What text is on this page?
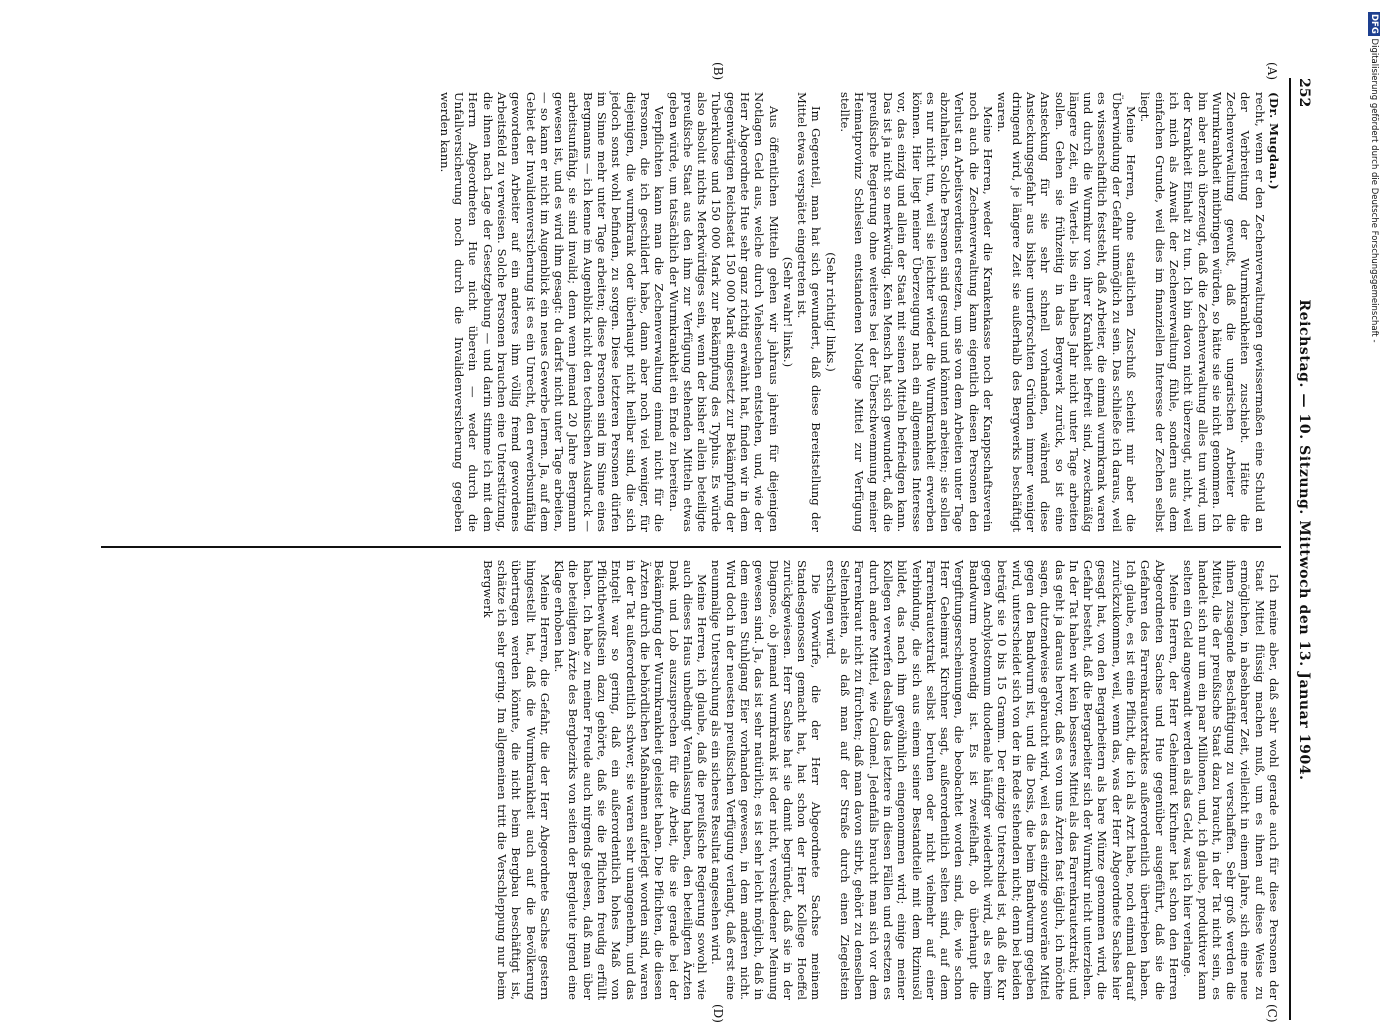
252
Reichstag. — 10. Sitzung. Mittwoch den 13. Januar 1904.
(A)
(B)
(C)
(D)

(Dr. Mugdan.)

recht, wenn er den Zechenverwaltungen gewissermaßen eine Schuld an der Verbreitung der Wurmkrankheiten zuschiebt. Hätte die Zechenverwaltung gewußt, daß die ungarischen Arbeiter die Wurmkrankheit mitbringen würden, so hätte sie sie nicht genommen. Ich bin aber auch überzeugt, daß die Zechenverwaltung alles tun wird, um der Krankheit Einhalt zu tun. Ich bin davon nicht überzeugt, nicht, weil ich mich als Anwalt der Zechenverwaltung fühle, sondern aus dem einfachen Grunde, weil dies im finanziellen Interesse der Zechen selbst liegt.

Meine Herren, ohne staatlichen Zuschuß scheint mir aber die Überwindung der Gefahr unmöglich zu sein. Das schließe ich daraus, weil es wissenschaftlich feststeht, daß Arbeiter, die einmal wurmkrank waren und durch die Wurmkur von ihrer Krankheit befreit sind, zweckmäßig längere Zeit, ein Viertel- bis ein halbes Jahr nicht unter Tage arbeiten sollen. Gehen sie frühzeitig in das Bergwerk zurück, so ist eine Ansteckung für sie sehr schnell vorhanden, während diese Ansteckungsgefahr aus bisher unerforschten Gründen immer weniger dringend wird, je längere Zeit sie außerhalb des Bergwerks beschäftigt waren.

Meine Herren, weder die Krankenkasse noch der Knappschaftsverein noch auch die Zechenverwaltung kann eigentlich diesen Personen den Verlust an Arbeitsverdienst ersetzen, um sie von dem Arbeiten unter Tage abzuhalten. Solche Personen sind gesund und könnten arbeiten; sie sollen es nur nicht tun, weil sie leichter wieder die Wurmkrankheit erwerben können. Hier liegt meiner Überzeugung nach ein allgemeines Interesse vor, das einzig und allein der Staat mit seinen Mitteln befriedigen kann. Das ist ja nicht so merkwürdig. Kein Mensch hat sich gewundert, daß die preußische Regierung ohne weiteres bei der Überschwemmung meiner Heimatprovinz Schlesien entstandenen Notlage Mittel zur Verfügung stellte.

(Sehr richtig! links.)

Im Gegenteil, man hat sich gewundert, daß diese Bereitstellung der Mittel etwas verspätet eingetreten ist.

(Sehr wahr! links.)

Aus öffentlichen Mitteln gehen wir jahraus jahrein für diejenigen Notlagen Geld aus, welche durch Viehseuchen entstehen, und, wie der Herr Abgeordnete Hue sehr ganz richtig erwähnt hat, finden wir in dem gegenwärtigen Reichsetat 150 000 Mark eingesetzt zur Bekämpfung der Tuberkulose und 150 000 Mark zur Bekämpfung des Typhus. Es würde also absolut nichts Merkwürdiges sein, wenn der bisher allein beteiligte preußische Staat aus den ihm zur Verfügung stehenden Mitteln etwas geben würde, um tatsächlich der Wurmkrankheit ein Ende zu bereiten.

Verpflichten kann man die Zechenverwaltung einmal nicht für die Personen, die ich geschildert habe, dann aber noch viel weniger, für diejenigen, die wurmkrank oder überhaupt nicht heilbar sind, die sich jedoch sonst wohl befinden, zu sorgen. Diese letzteren Personen dürfen im Sinne mehr unter Tage arbeiten; diese Personen sind im Sinne eines Bergmanns — ich kenne im Augenblick nicht den technischen Ausdruck — arbeitsunfähig, sie sind invalid; denn wenn jemand 20 Jahre Bergmann gewesen ist, und es wird ihm gesagt: du darfst nicht unter Tage arbeiten, — so kann er nicht im Augenblick ein neues Gewerbe lernen. Ja, auf dem Gebiet der Invalidenversicherung ist es ein Unrecht, den erwerbsunfähig gewordenen Arbeiter auf ein anderes ihm völlig fremd gewordenes Arbeitsfeld zu verweisen. Solche Personen brauchen eine Unterstützung, die ihnen nach Lage der Gesetzgebung — und darin stimme ich mit dem Herrn Abgeordneten Hue nicht überein — weder durch die Unfallversicherung noch durch die Invalidenversicherung gegeben werden kann.

Ich meine aber, daß sehr wohl gerade auch für diese Personen der Staat Mittel flüssig machen muß, um es ihnen auf diese Weise zu ermöglichen, in absehbarer Zeit, vielleicht in einem Jahre, sich eine neue ihnen zusagende Beschäftigung zu verschaffen. Sehr groß werden die Mittel, die der preußische Staat dazu braucht, in der Tat nicht sein, es handelt sich nur um ein paar Millionen, und, ich glaube, produktiver kann selten ein Geld angewandt werden als das Geld, was ich hier verlange.

Meine Herren, der Herr Geheimrat Kirchner hat schon den Herren Abgeordneten Sachse und Hue gegenüber ausgeführt, daß sie die Gefahren des Farrenkrautextraktes außerordentlich übertrieben haben. Ich glaube, es ist eine Pflicht, die ich als Arzt habe, noch einmal darauf zurückzukommen, weil, wenn das, was der Herr Abgeordnete Sachse hier gesagt hat, von den Bergarbeitern als bare Münze genommen wird, die Gefahr besteht, daß die Bergarbeiter sich der Wurmkur nicht unterziehen. In der Tat haben wir kein besseres Mittel als das Farrenkrautextrakt; und das geht ja daraus hervor, daß es von uns Ärzten fast täglich, ich möchte sagen, dutzendweise gebraucht wird, weil es das einzige souveräne Mittel gegen den Bandwurm ist, und die Dosis, die beim Bandwurm gegeben wird, unterscheidet sich von der in Rede stehenden nicht; denn bei beiden beträgt sie 10 bis 15 Gramm. Der einzige Unterschied ist, daß die Kur gegen Anchylostomum duodenale häufiger wiederholt wird, als es beim Bandwurm notwendig ist. Es ist zweifelhaft, ob überhaupt die Vergiftungserscheinungen, die beobachtet worden sind, die, wie schon Herr Geheimrat Kirchner sagt, außerordentlich selten sind, auf dem Farrenkrautextrakt selbst beruhen oder nicht vielmehr auf einer Verbindung, die sich aus einem seiner Bestandteile mit dem Rizinusöl bildet, das nach ihm gewöhnlich eingenommen wird; einige meiner Kollegen verwerfen deshalb das letztere in diesen Fällen und ersetzen es durch andere Mittel, wie Calomel. Jedenfalls braucht man sich vor dem Farrenkraut nicht zu fürchten; daß man davon stirbt, gehört zu denselben Seltenheiten, als daß man auf der Straße durch einen Ziegelstein erschlagen wird.

Die Vorwürfe, die der Herr Abgeordnete Sachse meinem Standesgenossen gemacht hat, hat schon der Herr Kollege Hoeffel zurückgewiesen. Herr Sachse hat sie damit begründet, daß sie in der Diagnose, ob jemand wurmkrank ist oder nicht, verschiedener Meinung gewesen sind. Ja, das ist sehr natürlich; es ist sehr leicht möglich, daß in dem einen Stuhlgang Eier vorhanden gewesen, in dem anderen nicht. Wird doch in der neuesten preußischen Verfügung verlangt, daß erst eine neunmalige Untersuchung als ein sicheres Resultat angesehen wird.

Meine Herren, ich glaube, daß die preußische Regierung sowohl wie auch dieses Haus unbedingt Veranlassung haben, den beteiligten Ärzten Dank und Lob auszusprechen für die Arbeit, die sie gerade bei der Bekämpfung der Wurmkrankheit geleistet haben. Die Pflichten, die diesen Ärzten durch die behördlichen Maßnahmen auferlegt worden sind, waren in der Tat außerordentlich schwer, sie waren sehr unangenehm, und das Entgelt war so gering, daß ein außerordentlich hohes Maß von Pflichtbewußtsein dazu gehörte, daß sie die Pflichten freudig erfüllt haben. Ich habe zu meiner Freude auch nirgends gelesen, daß man über die beteiligten Ärzte des Bergbezirks von seiten der Bergleute irgend eine Klage erhoben hat.

Meine Herren, die Gefahr, die der Herr Abgeordnete Sachse gestern hingestellt hat, daß die Wurmkrankheit auch auf die Bevölkerung übertragen werden könnte, die nicht beim Bergbau beschäftigt ist, schätze ich sehr gering. Im allgemeinen tritt die Verschleppung nur beim Bergwerk

DFG Digitalisierung gefördert durch die Deutsche Forschungsgemeinschaft -
